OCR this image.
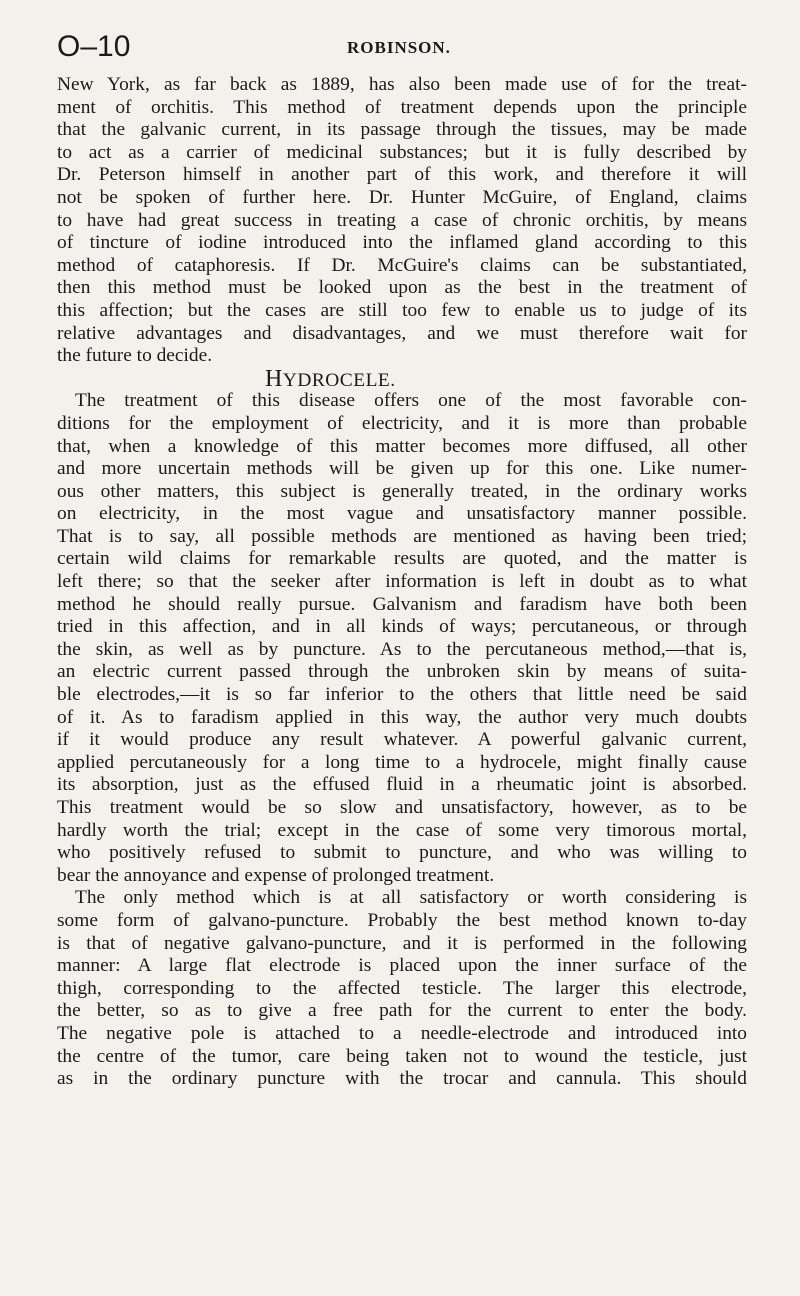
O–10	ROBINSON.
New York, as far back as 1889, has also been made use of for the treat-
ment of orchitis. This method of treatment depends upon the principle
that the galvanic current, in its passage through the tissues, may be made
to act as a carrier of medicinal substances; but it is fully described by
Dr. Peterson himself in another part of this work, and therefore it will
not be spoken of further here. Dr. Hunter McGuire, of England, claims
to have had great success in treating a case of chronic orchitis, by means
of tincture of iodine introduced into the inflamed gland according to this
method of cataphoresis. If Dr. McGuire's claims can be substantiated,
then this method must be looked upon as the best in the treatment of
this affection; but the cases are still too few to enable us to judge of its
relative advantages and disadvantages, and we must therefore wait for
the future to decide.
HYDROCELE.
The treatment of this disease offers one of the most favorable con-
ditions for the employment of electricity, and it is more than probable
that, when a knowledge of this matter becomes more diffused, all other
and more uncertain methods will be given up for this one. Like numer-
ous other matters, this subject is generally treated, in the ordinary works
on electricity, in the most vague and unsatisfactory manner possible.
That is to say, all possible methods are mentioned as having been tried;
certain wild claims for remarkable results are quoted, and the matter is
left there; so that the seeker after information is left in doubt as to what
method he should really pursue. Galvanism and faradism have both been
tried in this affection, and in all kinds of ways; percutaneous, or through
the skin, as well as by puncture. As to the percutaneous method,—that is,
an electric current passed through the unbroken skin by means of suita-
ble electrodes,—it is so far inferior to the others that little need be said
of it. As to faradism applied in this way, the author very much doubts
if it would produce any result whatever. A powerful galvanic current,
applied percutaneously for a long time to a hydrocele, might finally cause
its absorption, just as the effused fluid in a rheumatic joint is absorbed.
This treatment would be so slow and unsatisfactory, however, as to be
hardly worth the trial; except in the case of some very timorous mortal,
who positively refused to submit to puncture, and who was willing to
bear the annoyance and expense of prolonged treatment.
The only method which is at all satisfactory or worth considering is
some form of galvano-puncture. Probably the best method known to-day
is that of negative galvano-puncture, and it is performed in the following
manner: A large flat electrode is placed upon the inner surface of the
thigh, corresponding to the affected testicle. The larger this electrode,
the better, so as to give a free path for the current to enter the body.
The negative pole is attached to a needle-electrode and introduced into
the centre of the tumor, care being taken not to wound the testicle, just
as in the ordinary puncture with the trocar and cannula. This should
